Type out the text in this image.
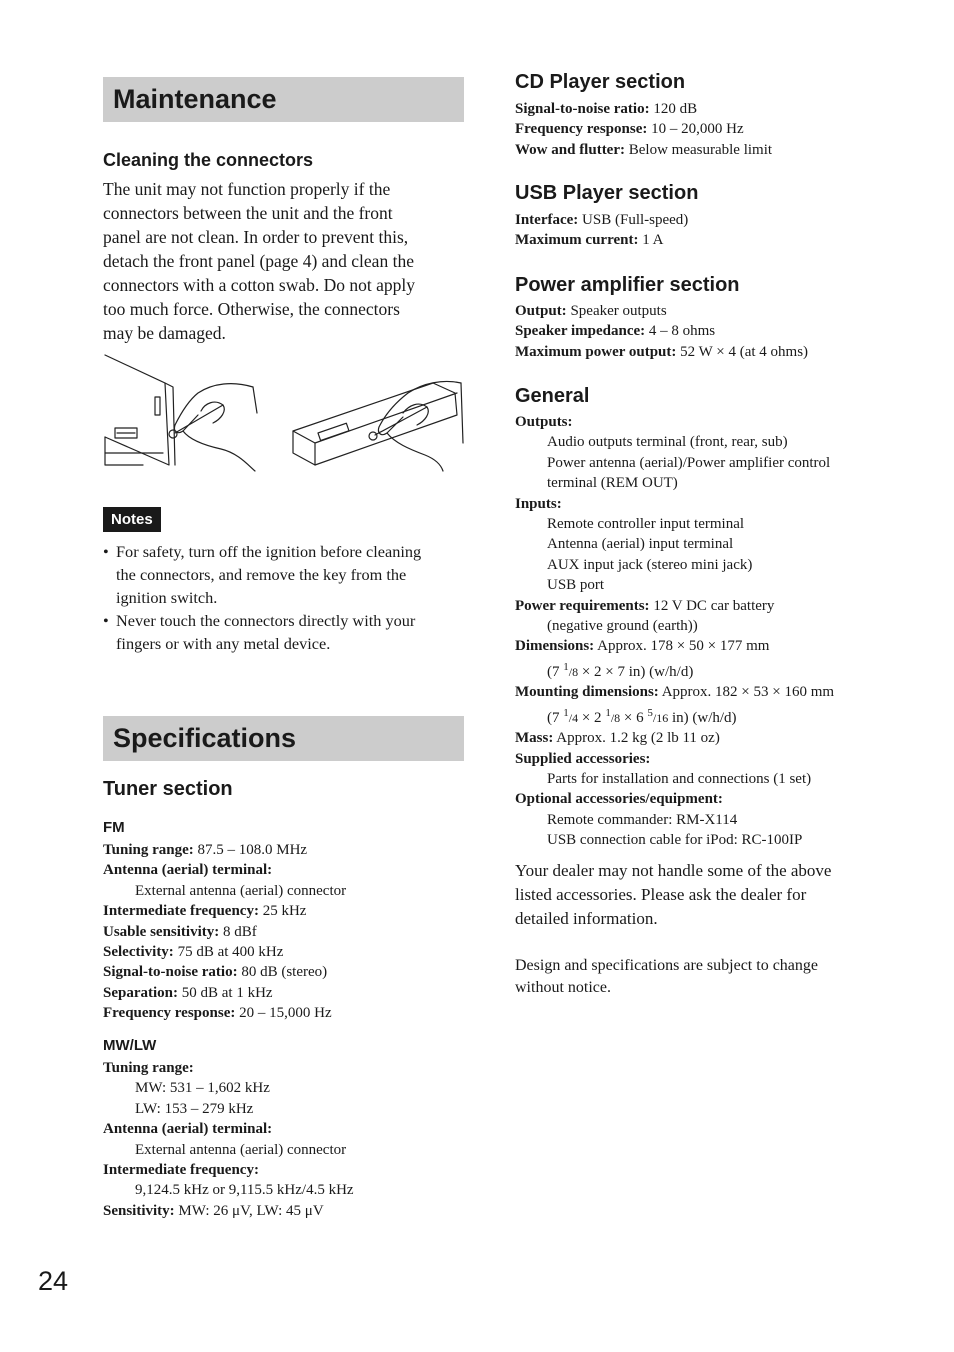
Maintenance
Cleaning the connectors
The unit may not function properly if the
connectors between the unit and the front
panel are not clean. In order to prevent this,
detach the front panel (page 4) and clean the
connectors with a cotton swab. Do not apply
too much force. Otherwise, the connectors
may be damaged.
Notes
• For safety, turn off the ignition before cleaning
the connectors, and remove the key from the
ignition switch.
• Never touch the connectors directly with your
fingers or with any metal device.
Specifications
Tuner section
FM
Tuning range: 87.5 – 108.0 MHz
Antenna (aerial) terminal:
External antenna (aerial) connector
Intermediate frequency: 25 kHz
Usable sensitivity: 8 dBf
Selectivity: 75 dB at 400 kHz
Signal-to-noise ratio: 80 dB (stereo)
Separation: 50 dB at 1 kHz
Frequency response: 20 – 15,000 Hz
MW/LW
Tuning range:
MW: 531 – 1,602 kHz
LW: 153 – 279 kHz
Antenna (aerial) terminal:
External antenna (aerial) connector
Intermediate frequency:
9,124.5 kHz or 9,115.5 kHz/4.5 kHz
Sensitivity: MW: 26 μV, LW: 45 μV
CD Player section
Signal-to-noise ratio: 120 dB
Frequency response: 10 – 20,000 Hz
Wow and flutter: Below measurable limit
USB Player section
Interface: USB (Full-speed)
Maximum current: 1 A
Power amplifier section
Output: Speaker outputs
Speaker impedance: 4 – 8 ohms
Maximum power output: 52 W × 4 (at 4 ohms)
General
Outputs:
Audio outputs terminal (front, rear, sub)
Power antenna (aerial)/Power amplifier control
terminal (REM OUT)
Inputs:
Remote controller input terminal
Antenna (aerial) input terminal
AUX input jack (stereo mini jack)
USB port
Power requirements: 12 V DC car battery
(negative ground (earth))
Dimensions: Approx. 178 × 50 × 177 mm
(7 $^1$/8 × 2 × 7 in) (w/h/d)
Mounting dimensions: Approx. 182 × 53 × 160 mm
(7 $^1$/4 × 2 $^1$/8 × 6 $^5$/16 in) (w/h/d)
Mass: Approx. 1.2 kg (2 lb 11 oz)
Supplied accessories:
Parts for installation and connections (1 set)
Optional accessories/equipment:
Remote commander: RM-X114
USB connection cable for iPod: RC-100IP
Your dealer may not handle some of the above
listed accessories. Please ask the dealer for
detailed information.
Design and specifications are subject to change
without notice.
24
